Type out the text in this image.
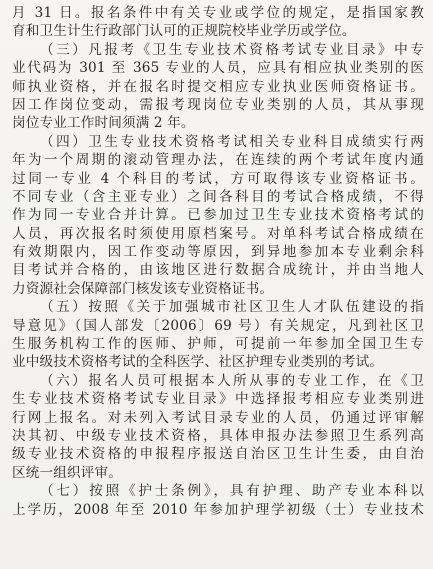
月 31 日。报名条件中有关专业或学位的规定，是指国家教
育和卫生计生行政部门认可的正规院校毕业学历或学位。
（三）凡报考《卫生专业技术资格考试专业目录》中专
业代码为 301 至 365 专业的人员，应具有相应执业类别的医
师执业资格，并在报名时提交相应专业执业医师资格证书。
因工作岗位变动，需报考现岗位专业类别的人员，其从事现
岗位专业工作时间须满 2 年。
（四）卫生专业技术资格考试相关专业科目成绩实行两
年为一个周期的滚动管理办法，在连续的两个考试年度内通
过同一专业 4 个科目的考试，方可取得该专业资格证书。
不同专业（含主亚专业）之间各科目的考试合格成绩，不得
作为同一专业合并计算。已参加过卫生专业技术资格考试的
人员，再次报名时须使用原档案号。对单科考试合格成绩在
有效期限内，因工作变动等原因，到异地参加本专业剩余科
目考试并合格的，由该地区进行数据合成统计，并由当地人
力资源社会保障部门核发该专业资格证书。
（五）按照《关于加强城市社区卫生人才队伍建设的指
导意见》（国人部发〔2006〕69 号）有关规定，凡到社区卫
生服务机构工作的医师、护师，可提前一年参加全国卫生专
业中级技术资格考试的全科医学、社区护理专业类别的考试。
（六）报名人员可根据本人所从事的专业工作，在《卫
生专业技术资格考试专业目录》中选择报考相应专业类别进
行网上报名。对未列入考试目录专业的人员，仍通过评审解
决其初、中级专业技术资格，具体申报办法参照卫生系列高
级专业技术资格的申报程序报送自治区卫生计生委，由自治
区统一组织评审。
（七）按照《护士条例》，具有护理、助产专业本科以
上学历，2008 年至 2010 年参加护理学初级（士）专业技术
